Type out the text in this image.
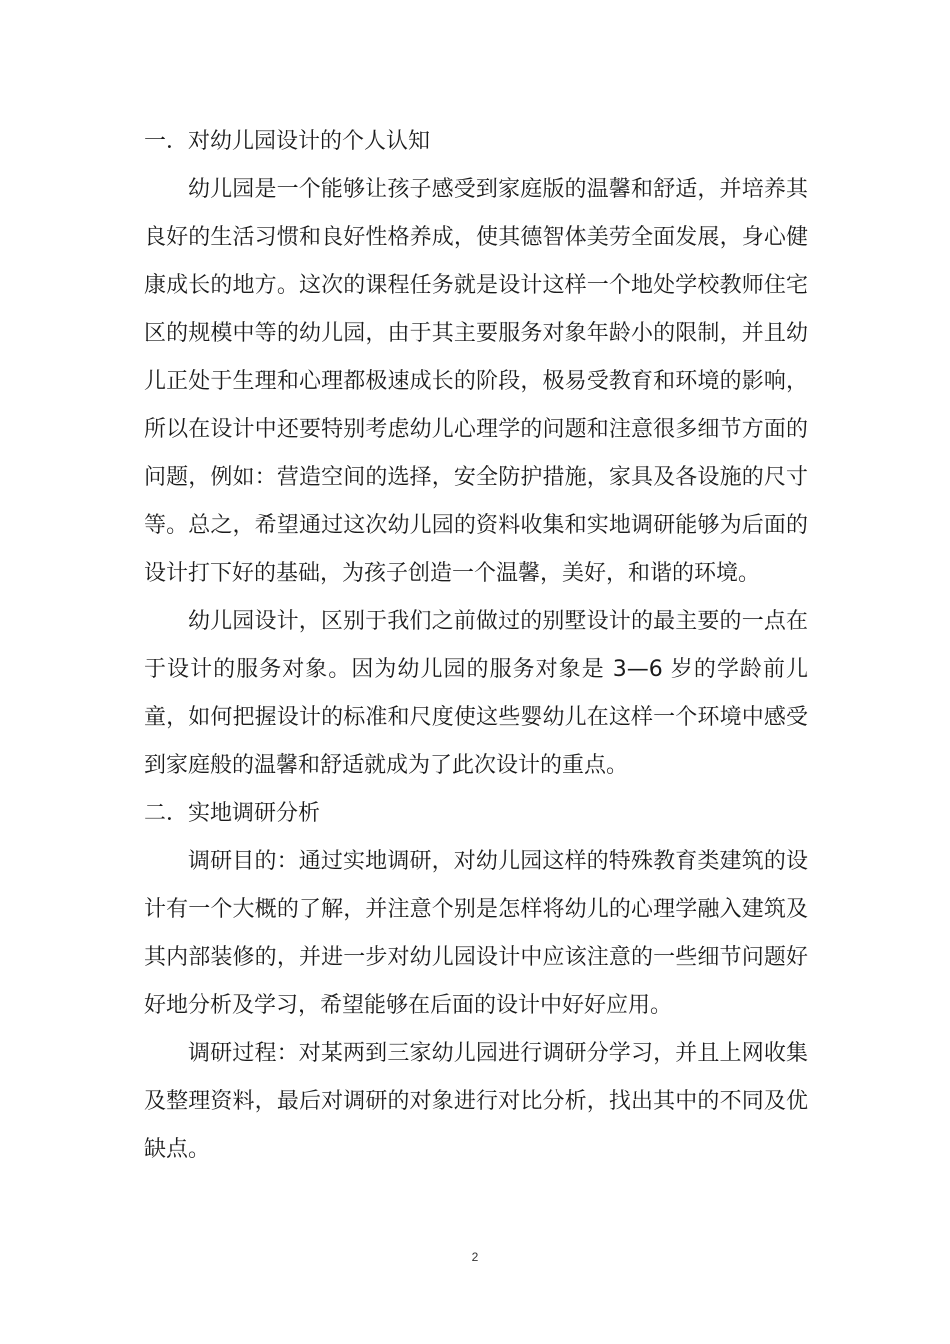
一．对幼儿园设计的个人认知

幼儿园是一个能够让孩子感受到家庭版的温馨和舒适，并培养其良好的生活习惯和良好性格养成，使其德智体美劳全面发展，身心健康成长的地方。这次的课程任务就是设计这样一个地处学校教师住宅区的规模中等的幼儿园，由于其主要服务对象年龄小的限制，并且幼儿正处于生理和心理都极速成长的阶段，极易受教育和环境的影响，所以在设计中还要特别考虑幼儿心理学的问题和注意很多细节方面的问题，例如：营造空间的选择，安全防护措施，家具及各设施的尺寸等。总之，希望通过这次幼儿园的资料收集和实地调研能够为后面的设计打下好的基础，为孩子创造一个温馨，美好，和谐的环境。

幼儿园设计，区别于我们之前做过的别墅设计的最主要的一点在于设计的服务对象。因为幼儿园的服务对象是 3—6 岁的学龄前儿童，如何把握设计的标准和尺度使这些婴幼儿在这样一个环境中感受到家庭般的温馨和舒适就成为了此次设计的重点。

二．实地调研分析

调研目的：通过实地调研，对幼儿园这样的特殊教育类建筑的设计有一个大概的了解，并注意个别是怎样将幼儿的心理学融入建筑及其内部装修的，并进一步对幼儿园设计中应该注意的一些细节问题好好地分析及学习，希望能够在后面的设计中好好应用。

调研过程：对某两到三家幼儿园进行调研分学习，并且上网收集及整理资料，最后对调研的对象进行对比分析，找出其中的不同及优缺点。

2
